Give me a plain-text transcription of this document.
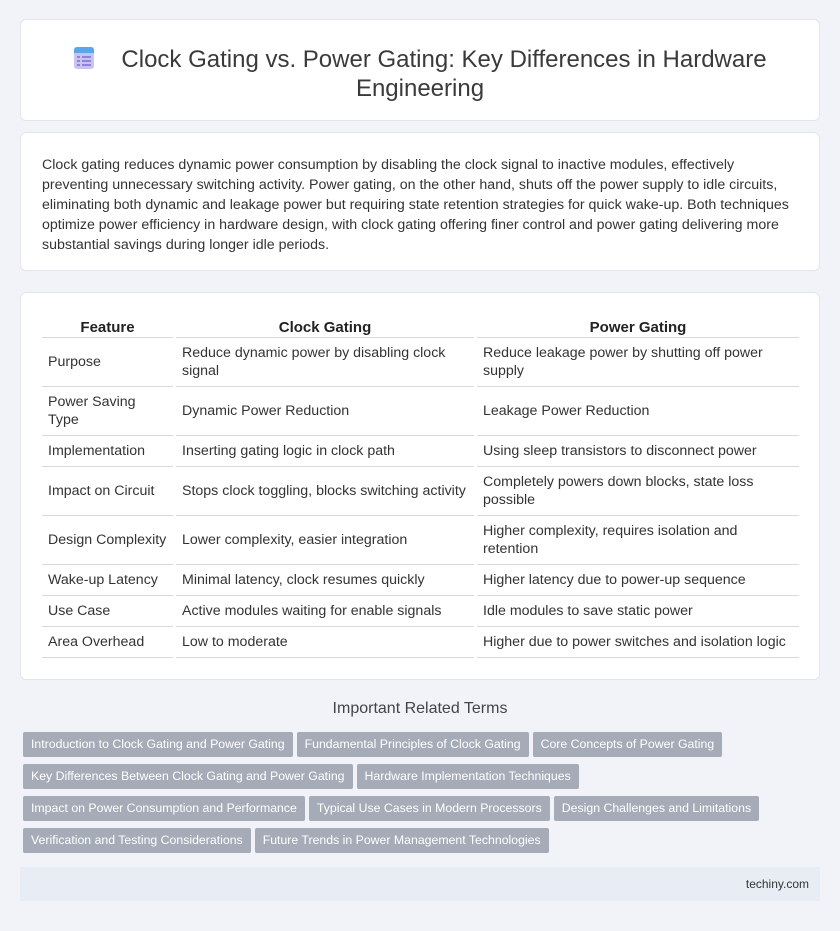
Clock Gating vs. Power Gating: Key Differences in Hardware Engineering

Clock gating reduces dynamic power consumption by disabling the clock signal to inactive modules, effectively preventing unnecessary switching activity. Power gating, on the other hand, shuts off the power supply to idle circuits, eliminating both dynamic and leakage power but requiring state retention strategies for quick wake-up. Both techniques optimize power efficiency in hardware design, with clock gating offering finer control and power gating delivering more substantial savings during longer idle periods.

Feature		Clock Gating		Power Gating
Purpose		Reduce dynamic power by disabling clock signal		Reduce leakage power by shutting off power supply
Power Saving Type		Dynamic Power Reduction		Leakage Power Reduction
Implementation		Inserting gating logic in clock path		Using sleep transistors to disconnect power
Impact on Circuit		Stops clock toggling, blocks switching activity		Completely powers down blocks, state loss possible
Design Complexity		Lower complexity, easier integration		Higher complexity, requires isolation and retention
Wake-up Latency		Minimal latency, clock resumes quickly		Higher latency due to power-up sequence
Use Case		Active modules waiting for enable signals		Idle modules to save static power
Area Overhead		Low to moderate		Higher due to power switches and isolation logic
Important Related Terms
Introduction to Clock Gating and Power Gating Fundamental Principles of Clock Gating Core Concepts of Power Gating
Key Differences Between Clock Gating and Power Gating Hardware Implementation Techniques
Impact on Power Consumption and Performance Typical Use Cases in Modern Processors Design Challenges and Limitations
Verification and Testing Considerations Future Trends in Power Management Technologies
techiny.com
